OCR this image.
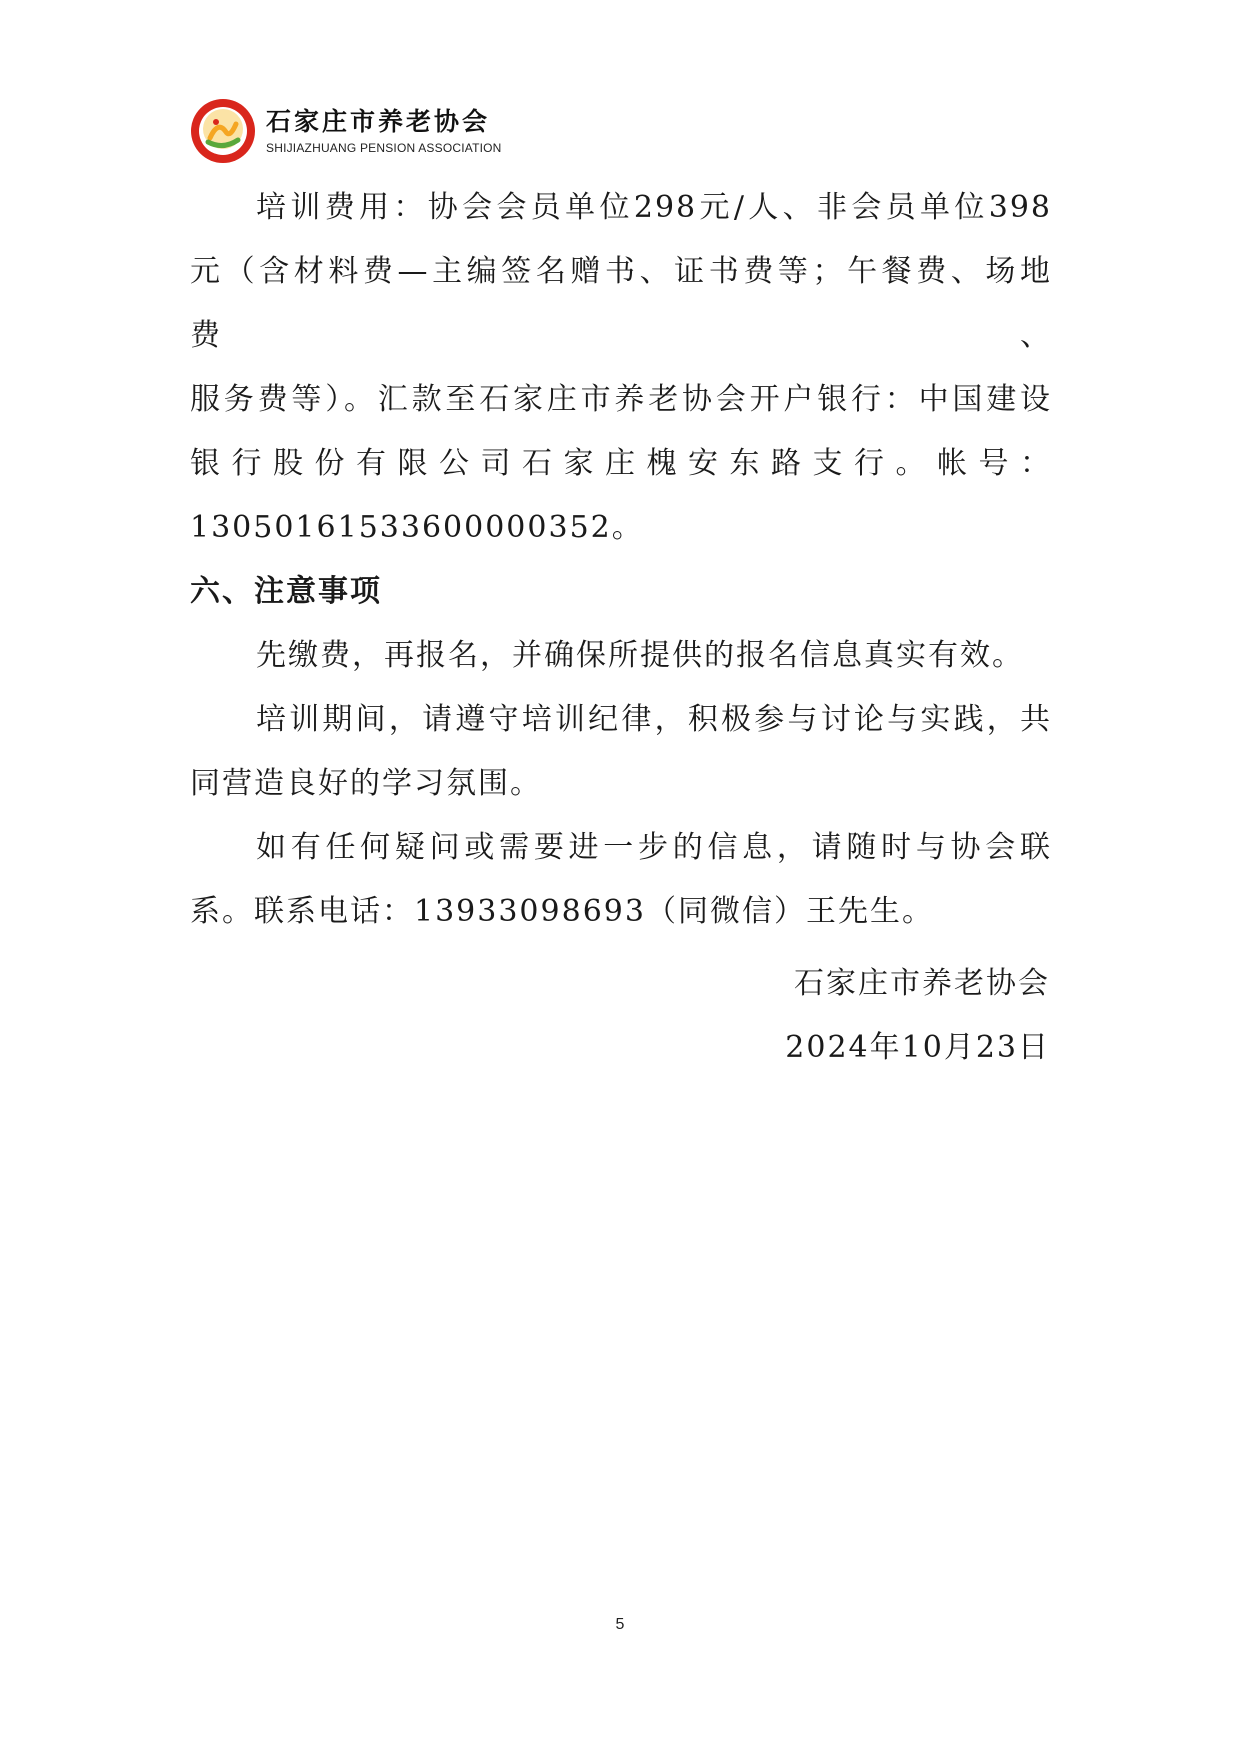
石家庄市养老协会
SHIJIAZHUANG PENSION ASSOCIATION

培训费用：协会会员单位298元/人、非会员单位398

元（含材料费—主编签名赠书、证书费等；午餐费、场地费、

服务费等）。汇款至石家庄市养老协会开户银行：中国建设

银行股份有限公司石家庄槐安东路支行。帐号：

13050161533600000352。

六、注意事项

先缴费，再报名，并确保所提供的报名信息真实有效。

培训期间，请遵守培训纪律，积极参与讨论与实践，共同营造良好的学习氛围。

如有任何疑问或需要进一步的信息，请随时与协会联系。联系电话：13933098693（同微信）王先生。

石家庄市养老协会
2024年10月23日
5
